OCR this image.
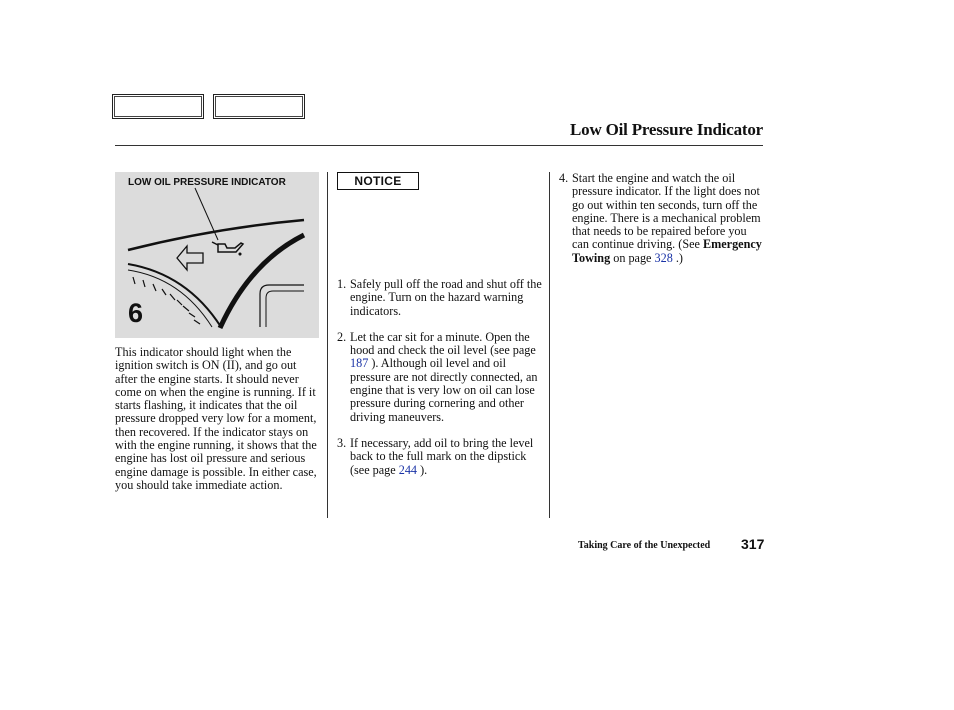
Low Oil Pressure Indicator
6
LOW OIL PRESSURE INDICATOR
This indicator should light when the ignition switch is ON (II), and go out after the engine starts. It should never come on when the engine is running. If it starts flashing, it indicates that the oil pressure dropped very low for a moment, then recovered. If the indicator stays on with the engine running, it shows that the engine has lost oil pressure and serious engine damage is possible. In either case, you should take immediate action.
NOTICE
1. Safely pull off the road and shut off the engine. Turn on the hazard warning indicators.
2. Let the car sit for a minute. Open the hood and check the oil level (see page 187 ). Although oil level and oil pressure are not directly connected, an engine that is very low on oil can lose pressure during cornering and other driving maneuvers.
3. If necessary, add oil to bring the level back to the full mark on the dipstick (see page 244 ).
4. Start the engine and watch the oil pressure indicator. If the light does not go out within ten seconds, turn off the engine. There is a mechanical problem that needs to be repaired before you can continue driving. (See Emergency Towing on page 328 .)
Taking Care of the Unexpected 317
